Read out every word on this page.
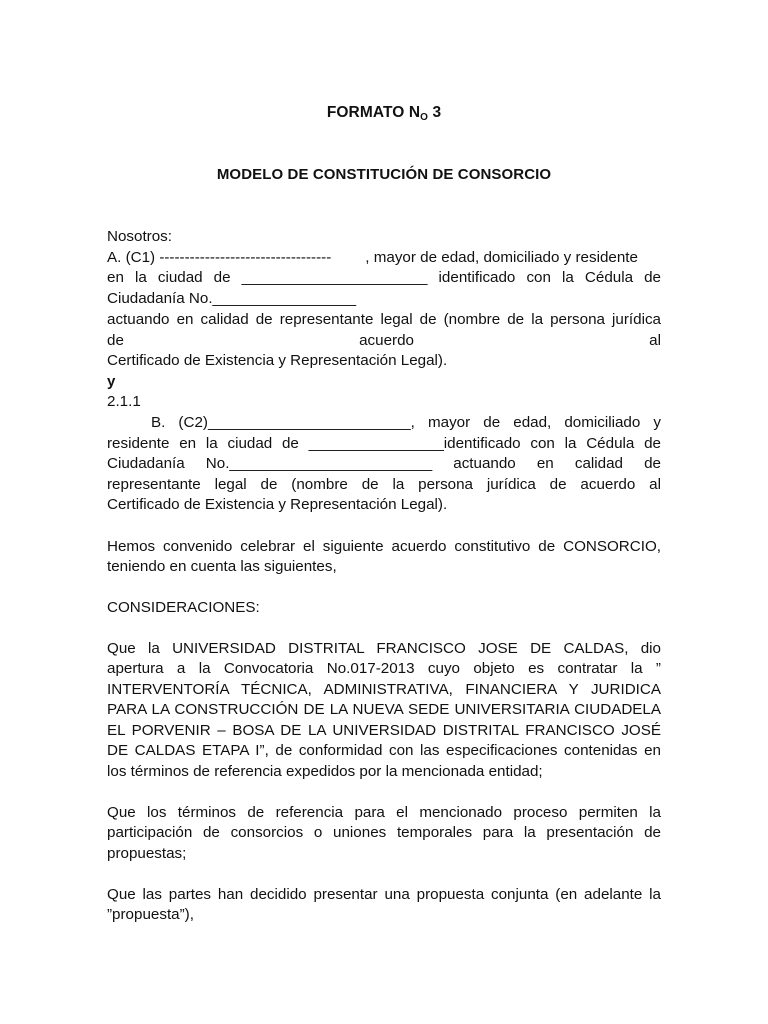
FORMATO NO 3
MODELO DE CONSTITUCIÓN DE CONSORCIO
Nosotros:
A. (C1) ---------------------------------- , mayor de edad, domiciliado y residente
en la ciudad de ______________________ identificado con la Cédula de
Ciudadanía No._________________
actuando en calidad de representante legal de (nombre de la persona jurídica
de	acuerdo	al
Certificado de Existencia y Representación Legal).
y
2.1.1
B. (C2)________________________, mayor de edad, domiciliado y
residente en la ciudad de ________________identificado con la Cédula de
Ciudadanía No.________________________ actuando en calidad de
representante legal de (nombre de la persona jurídica de acuerdo al
Certificado de Existencia y Representación Legal).
Hemos convenido celebrar el siguiente acuerdo constitutivo de CONSORCIO,
teniendo en cuenta las siguientes,
CONSIDERACIONES:
Que la UNIVERSIDAD DISTRITAL FRANCISCO JOSE DE CALDAS, dio
apertura a la Convocatoria No.017-2013 cuyo objeto es contratar la ”
INTERVENTORÍA TÉCNICA, ADMINISTRATIVA, FINANCIERA Y JURIDICA
PARA LA CONSTRUCCIÓN DE LA NUEVA SEDE UNIVERSITARIA CIUDADELA
EL PORVENIR – BOSA DE LA UNIVERSIDAD DISTRITAL FRANCISCO JOSÉ
DE CALDAS ETAPA I”, de conformidad con las especificaciones contenidas en
los términos de referencia expedidos por la mencionada entidad;
Que los términos de referencia para el mencionado proceso permiten la
participación de consorcios o uniones temporales para la presentación de
propuestas;
Que las partes han decidido presentar una propuesta conjunta (en adelante la
”propuesta”),
